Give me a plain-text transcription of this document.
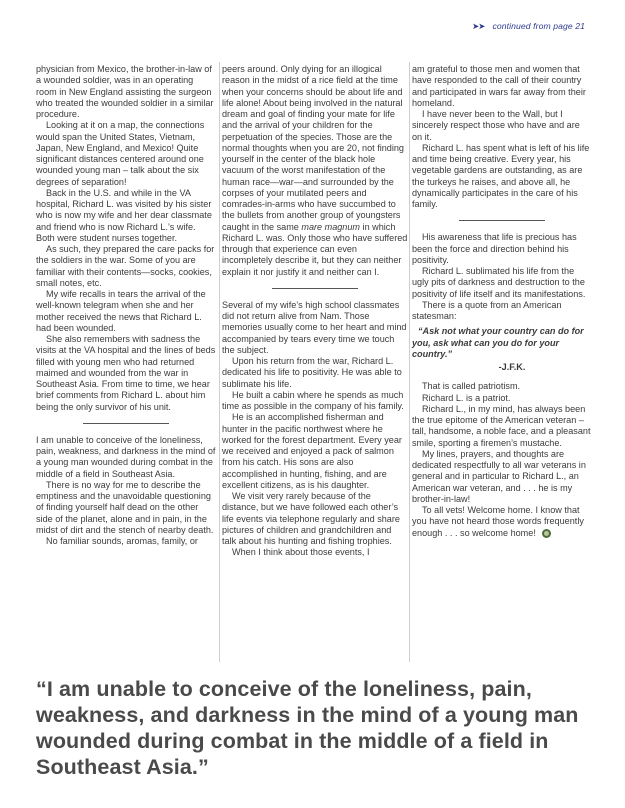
➤➤ continued from page 21

physician from Mexico, the brother-in-law of a wounded soldier, was in an operating room in New England assisting the surgeon who treated the wounded soldier in a similar procedure.

Looking at it on a map, the connections would span the United States, Vietnam, Japan, New England, and Mexico! Quite significant distances centered around one wounded young man – talk about the six degrees of separation!

Back in the U.S. and while in the VA hospital, Richard L. was visited by his sister who is now my wife and her dear classmate and friend who is now Richard L.’s wife. Both were student nurses together.

As such, they prepared the care packs for the soldiers in the war. Some of you are familiar with their contents—socks, cookies, small notes, etc.

My wife recalls in tears the arrival of the well-known telegram when she and her mother received the news that Richard L. had been wounded.

She also remembers with sadness the visits at the VA hospital and the lines of beds filled with young men who had returned maimed and wounded from the war in Southeast Asia. From time to time, we hear brief comments from Richard L. about him being the only survivor of his unit.

I am unable to conceive of the loneliness, pain, weakness, and darkness in the mind of a young man wounded during combat in the middle of a field in Southeast Asia.

There is no way for me to describe the emptiness and the unavoidable questioning of finding yourself half dead on the other side of the planet, alone and in pain, in the midst of dirt and the stench of nearby death.

No familiar sounds, aromas, family, or

peers around. Only dying for an illogical reason in the midst of a rice field at the time when your concerns should be about life and life alone! About being involved in the natural dream and goal of finding your mate for life and the arrival of your children for the perpetuation of the species. Those are the normal thoughts when you are 20, not finding yourself in the center of the black hole vacuum of the worst manifestation of the human race—war—and surrounded by the corpses of your mutilated peers and comrades-in-arms who have succumbed to the bullets from another group of youngsters caught in the same mare magnum in which Richard L. was. Only those who have suffered through that experience can even incompletely describe it, but they can neither explain it nor justify it and neither can I.

Several of my wife’s high school classmates did not return alive from Nam. Those memories usually come to her heart and mind accompanied by tears every time we touch the subject.

Upon his return from the war, Richard L. dedicated his life to positivity. He was able to sublimate his life.

He built a cabin where he spends as much time as possible in the company of his family.

He is an accomplished fisherman and hunter in the pacific northwest where he worked for the forest department. Every year we received and enjoyed a pack of salmon from his catch. His sons are also accomplished in hunting, fishing, and are excellent citizens, as is his daughter.

We visit very rarely because of the distance, but we have followed each other’s life events via telephone regularly and share pictures of children and grandchildren and talk about his hunting and fishing trophies.

When I think about those events, I

am grateful to those men and women that have responded to the call of their country and participated in wars far away from their homeland.

I have never been to the Wall, but I sincerely respect those who have and are on it.

Richard L. has spent what is left of his life and time being creative. Every year, his vegetable gardens are outstanding, as are the turkeys he raises, and above all, he dynamically participates in the care of his family.

His awareness that life is precious has been the force and direction behind his positivity.

Richard L. sublimated his life from the ugly pits of darkness and destruction to the positivity of life itself and its manifestations.

There is a quote from an American statesman:

“Ask not what your country can do for you, ask what can you do for your country.”

-J.F.K.

That is called patriotism.

Richard L. is a patriot.

Richard L., in my mind, has always been the true epitome of the American veteran – tall, handsome, a noble face, and a pleasant smile, sporting a firemen’s mustache.

My lines, prayers, and thoughts are dedicated respectfully to all war veterans in general and in particular to Richard L., an American war veteran, and . . . he is my brother-in-law!

To all vets! Welcome home. I know that you have not heard those words frequently enough . . . so welcome home!

“I am unable to conceive of the loneliness, pain, weakness, and darkness in the mind of a young man wounded during combat in the middle of a field in Southeast Asia.”
